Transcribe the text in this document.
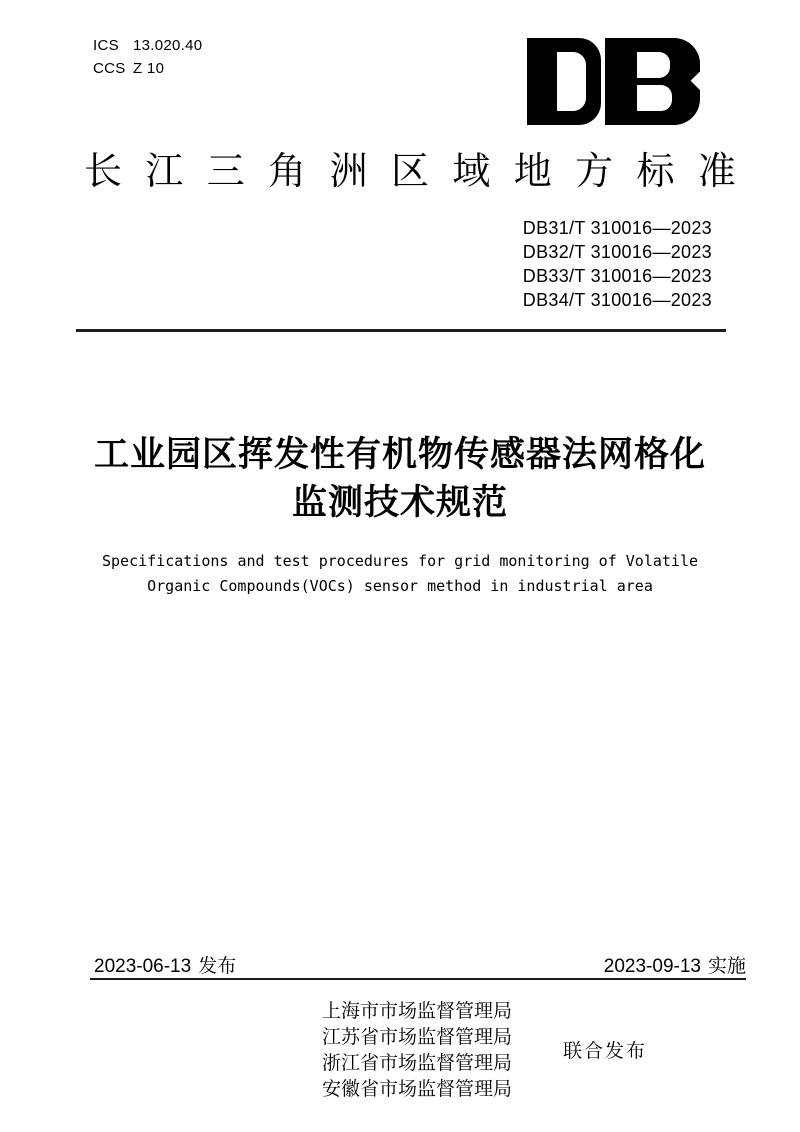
ICS 13.020.40
CCS Z 10
长 江 三 角 洲 区 域 地 方 标 准
DB31/T 310016—2023
DB32/T 310016—2023
DB33/T 310016—2023
DB34/T 310016—2023
工业园区挥发性有机物传感器法网格化
监测技术规范
Specifications and test procedures for grid monitoring of Volatile
Organic Compounds(VOCs) sensor method in industrial area
2023-06-13 发布	2023-09-13 实施
上海市市场监督管理局
江苏省市场监督管理局
浙江省市场监督管理局
安徽省市场监督管理局
联合发布
